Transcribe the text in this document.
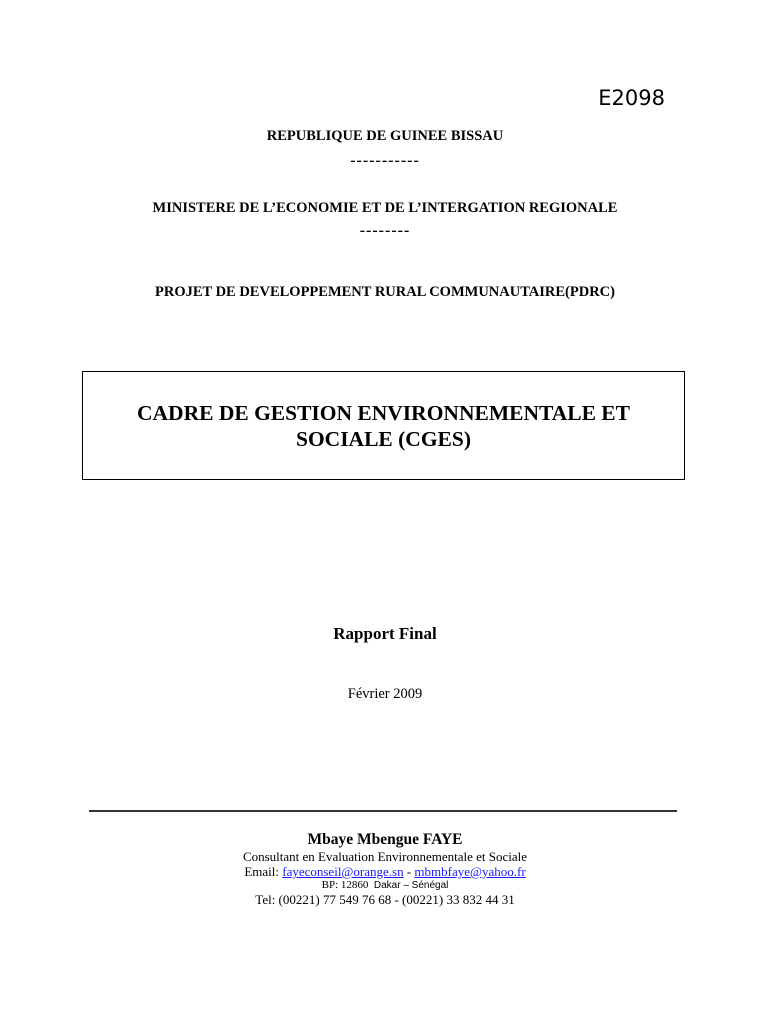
E2098
REPUBLIQUE DE GUINEE BISSAU
-----------
MINISTERE DE L’ECONOMIE ET DE L’INTERGATION REGIONALE
--------
PROJET DE DEVELOPPEMENT RURAL COMMUNAUTAIRE(PDRC)
CADRE DE GESTION ENVIRONNEMENTALE ET
SOCIALE (CGES)
Rapport Final
Février 2009
Mbaye Mbengue FAYE
Consultant en Evaluation Environnementale et Sociale
Email: fayeconseil@orange.sn - mbmbfaye@yahoo.fr
BP: 12860 Dakar – Sénégal
Tel: (00221) 77 549 76 68 - (00221) 33 832 44 31
